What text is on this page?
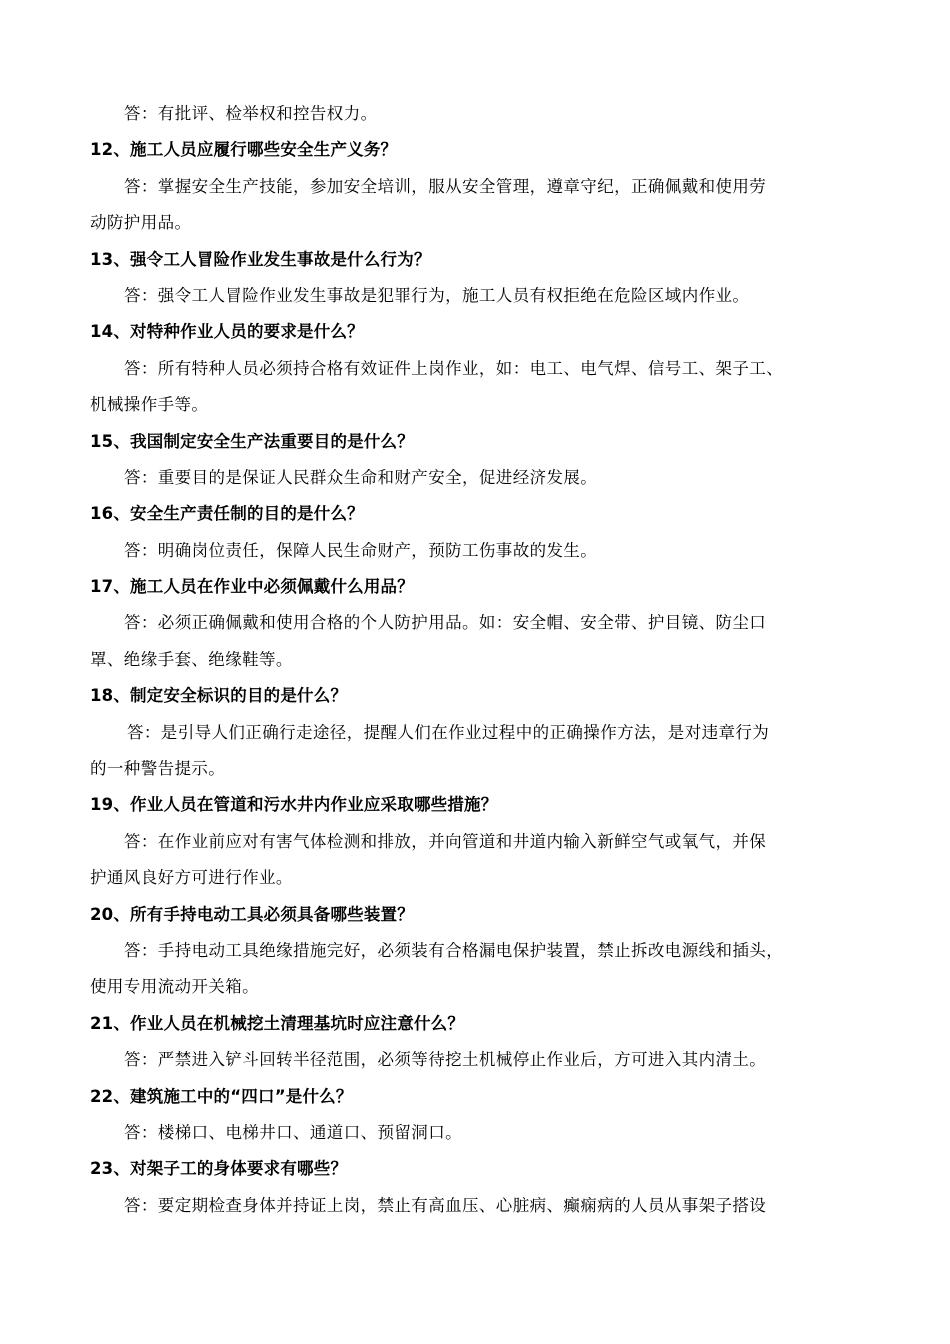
答：有批评、检举权和控告权力。
12、施工人员应履行哪些安全生产义务？
答：掌握安全生产技能，参加安全培训，服从安全管理，遵章守纪，正确佩戴和使用劳
动防护用品。
13、强令工人冒险作业发生事故是什么行为？
答：强令工人冒险作业发生事故是犯罪行为，施工人员有权拒绝在危险区域内作业。
14、对特种作业人员的要求是什么？
答：所有特种人员必须持合格有效证件上岗作业，如：电工、电气焊、信号工、架子工、
机械操作手等。
15、我国制定安全生产法重要目的是什么？
答：重要目的是保证人民群众生命和财产安全，促进经济发展。
16、安全生产责任制的目的是什么？
答：明确岗位责任，保障人民生命财产，预防工伤事故的发生。
17、施工人员在作业中必须佩戴什么用品？
答：必须正确佩戴和使用合格的个人防护用品。如：安全帽、安全带、护目镜、防尘口
罩、绝缘手套、绝缘鞋等。
18、制定安全标识的目的是什么？
答：是引导人们正确行走途径，提醒人们在作业过程中的正确操作方法，是对违章行为
的一种警告提示。
19、作业人员在管道和污水井内作业应采取哪些措施？
答：在作业前应对有害气体检测和排放，并向管道和井道内输入新鲜空气或氧气，并保
护通风良好方可进行作业。
20、所有手持电动工具必须具备哪些装置？
答：手持电动工具绝缘措施完好，必须装有合格漏电保护装置，禁止拆改电源线和插头，
使用专用流动开关箱。
21、作业人员在机械挖土清理基坑时应注意什么？
答：严禁进入铲斗回转半径范围，必须等待挖土机械停止作业后，方可进入其内清土。
22、建筑施工中的“四口”是什么？
答：楼梯口、电梯井口、通道口、预留洞口。
23、对架子工的身体要求有哪些？
答：要定期检查身体并持证上岗，禁止有高血压、心脏病、癫痫病的人员从事架子搭设
